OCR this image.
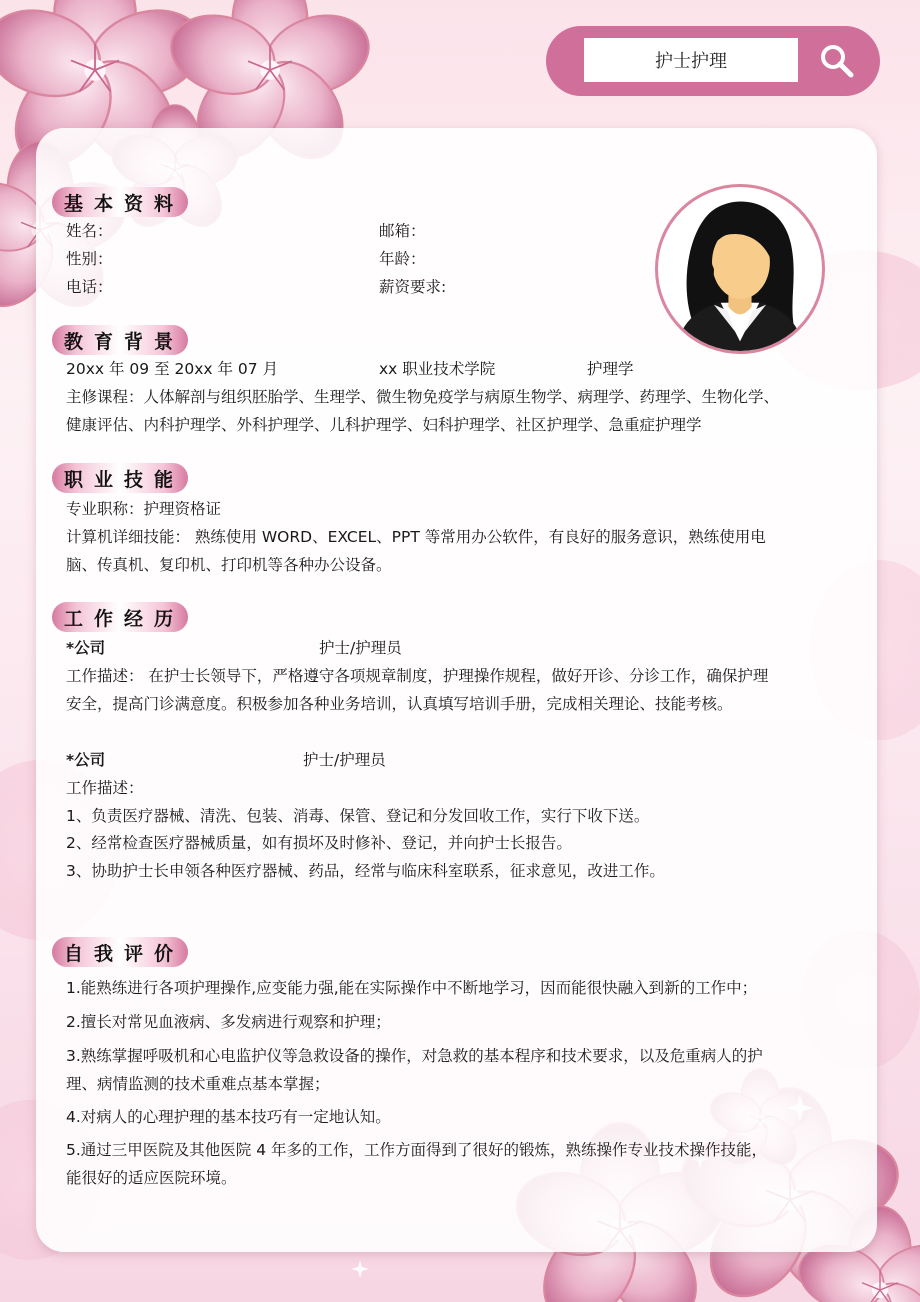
护士护理
基本资料
姓名：	邮箱：
性别：	年龄：
电话：	薪资要求:
教育背景
20xx 年 09 至 20xx 年 07 月	xx 职业技术学院	护理学
主修课程：人体解剖与组织胚胎学、生理学、微生物免疫学与病原生物学、病理学、药理学、生物化学、
健康评估、内科护理学、外科护理学、儿科护理学、妇科护理学、社区护理学、急重症护理学
职业技能
专业职称：护理资格证
计算机详细技能： 熟练使用 WORD、EXCEL、PPT 等常用办公软件，有良好的服务意识，熟练使用电
脑、传真机、复印机、打印机等各种办公设备。
工作经历
*公司	护士/护理员
工作描述： 在护士长领导下，严格遵守各项规章制度，护理操作规程，做好开诊、分诊工作，确保护理
安全，提高门诊满意度。积极参加各种业务培训，认真填写培训手册，完成相关理论、技能考核。
*公司	护士/护理员
工作描述：
1、负责医疗器械、清洗、包装、消毒、保管、登记和分发回收工作，实行下收下送。
2、经常检查医疗器械质量，如有损坏及时修补、登记，并向护士长报告。
3、协助护士长申领各种医疗器械、药品，经常与临床科室联系，征求意见，改进工作。
自我评价
1.能熟练进行各项护理操作,应变能力强,能在实际操作中不断地学习，因而能很快融入到新的工作中；
2.擅长对常见血液病、多发病进行观察和护理；
3.熟练掌握呼吸机和心电监护仪等急救设备的操作，对急救的基本程序和技术要求，以及危重病人的护
理、病情监测的技术重难点基本掌握；
4.对病人的心理护理的基本技巧有一定地认知。
5.通过三甲医院及其他医院 4 年多的工作，工作方面得到了很好的锻炼，熟练操作专业技术操作技能，
能很好的适应医院环境。
